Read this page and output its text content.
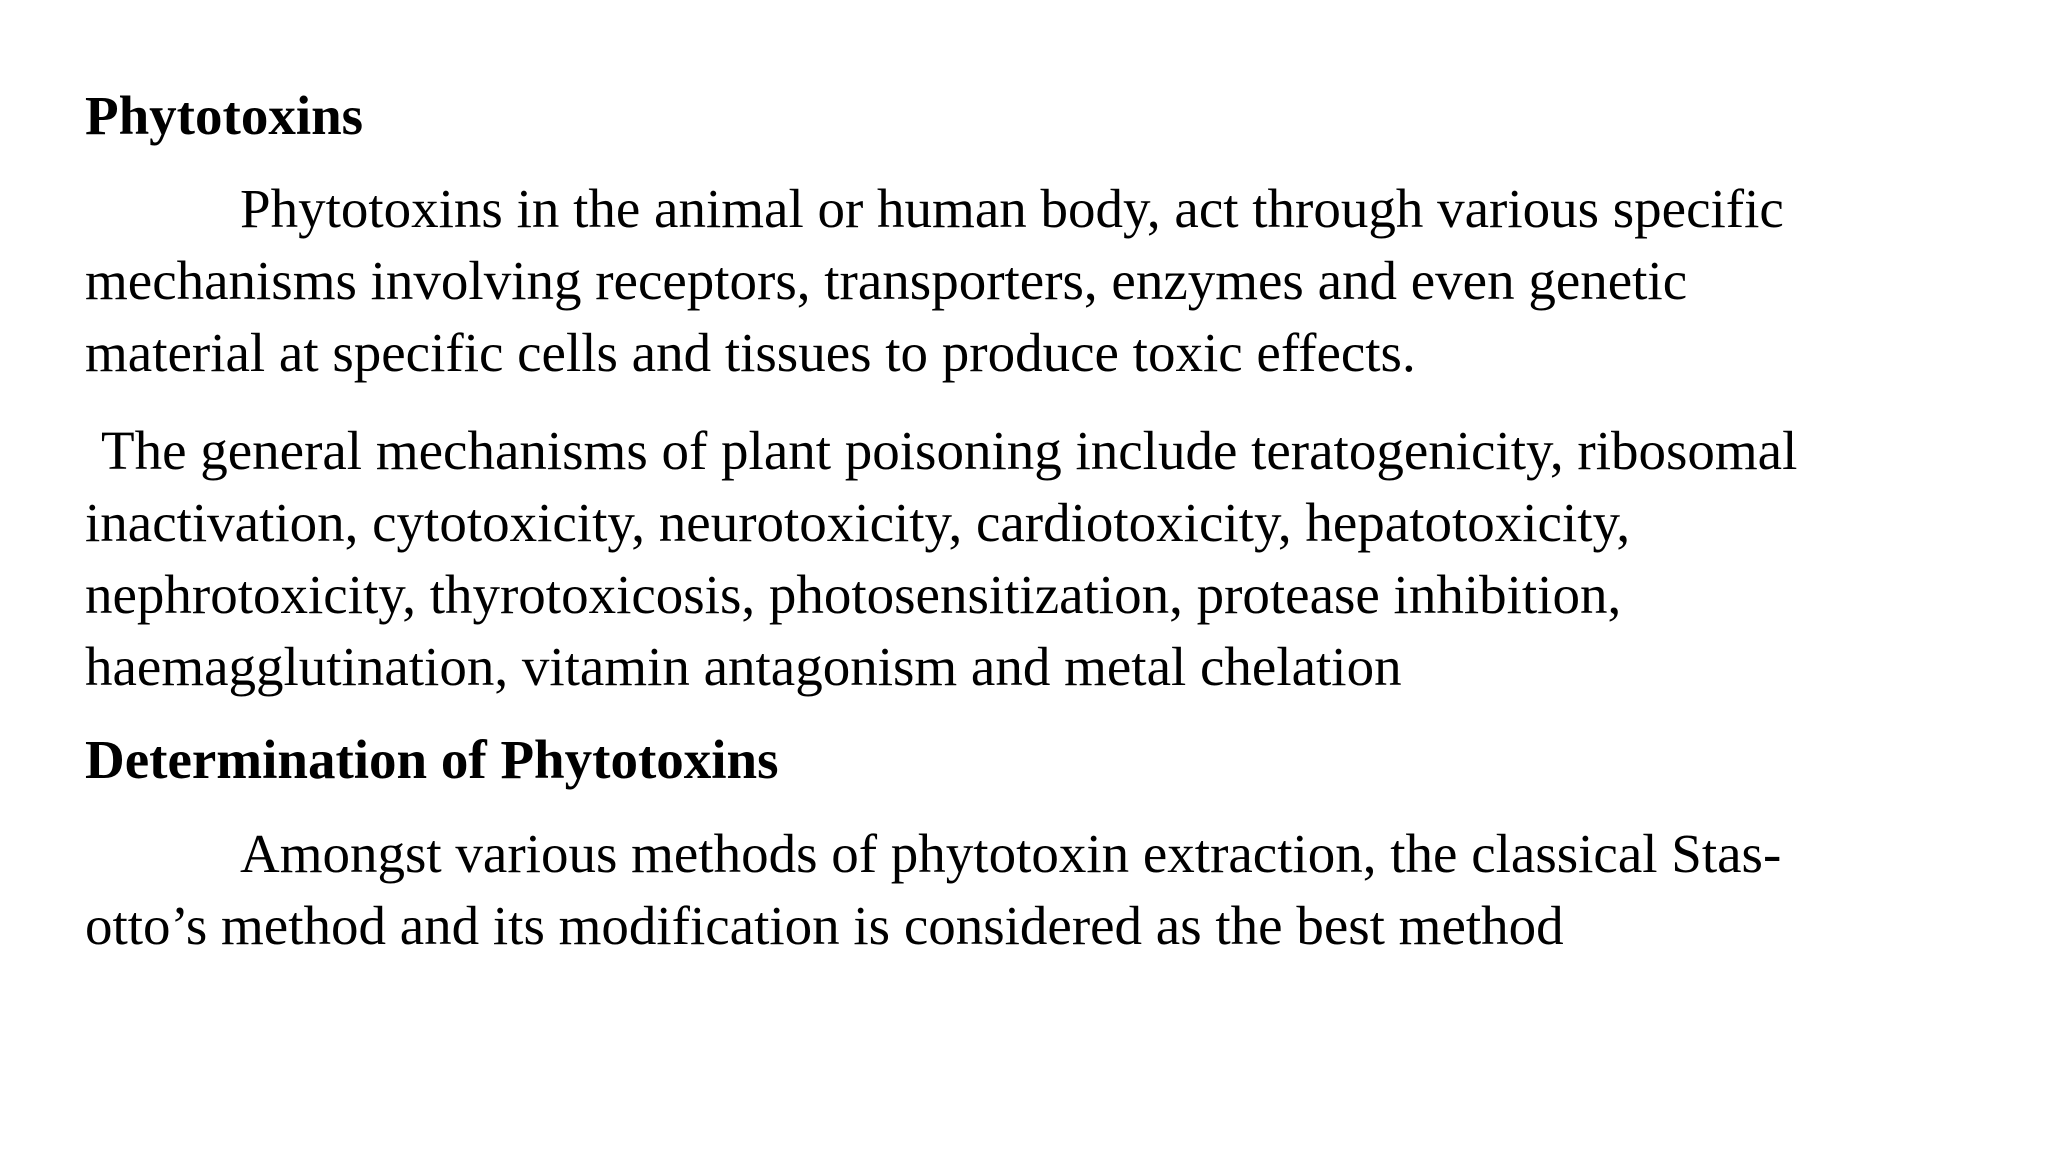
Phytotoxins
Phytotoxins in the animal or human body, act through various specific
mechanisms involving receptors, transporters, enzymes and even genetic
material at specific cells and tissues to produce toxic effects.
The general mechanisms of plant poisoning include teratogenicity, ribosomal
inactivation, cytotoxicity, neurotoxicity, cardiotoxicity, hepatotoxicity,
nephrotoxicity, thyrotoxicosis, photosensitization, protease inhibition,
haemagglutination, vitamin antagonism and metal chelation
Determination of Phytotoxins
Amongst various methods of phytotoxin extraction, the classical Stas-
otto’s method and its modification is considered as the best method
